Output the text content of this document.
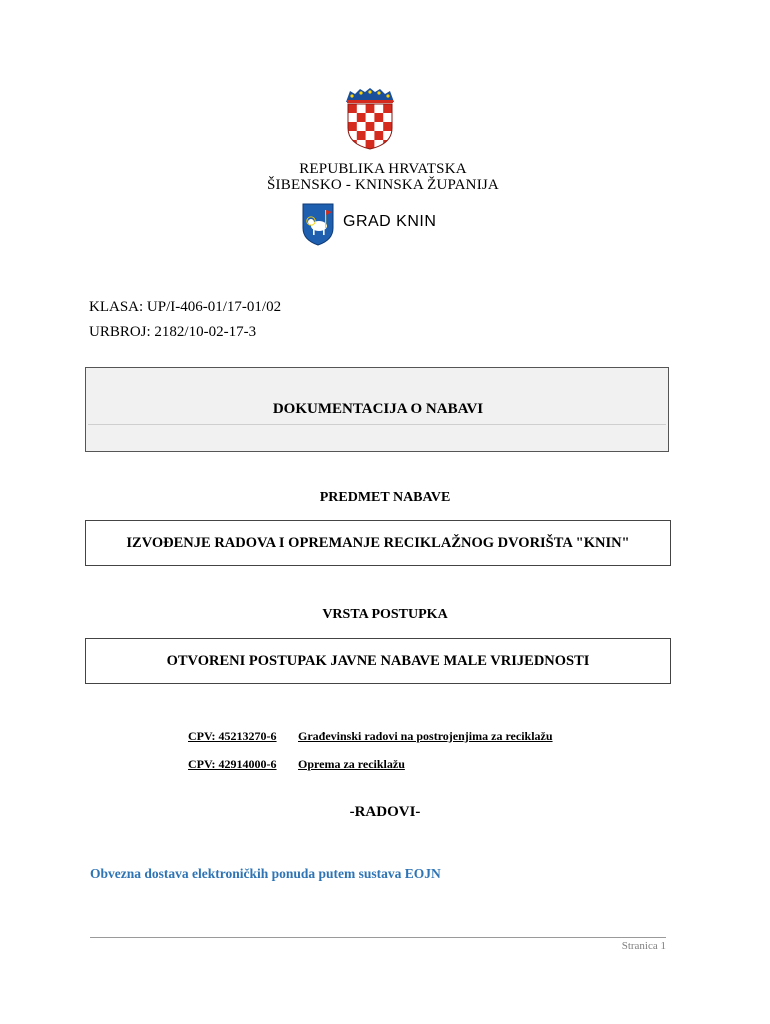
REPUBLIKA HRVATSKA
ŠIBENSKO - KNINSKA ŽUPANIJA
GRAD KNIN
KLASA: UP/I-406-01/17-01/02
URBROJ: 2182/10-02-17-3
DOKUMENTACIJA O NABAVI
PREDMET NABAVE
IZVOĐENJE RADOVA I OPREMANJE RECIKLAŽNOG DVORIŠTA "KNIN"
VRSTA POSTUPKA
OTVORENI POSTUPAK JAVNE NABAVE MALE VRIJEDNOSTI
CPV: 45213270-6 Građevinski radovi na postrojenjima za reciklažu
CPV: 42914000-6 Oprema za reciklažu
-RADOVI-
Obvezna dostava elektroničkih ponuda putem sustava EOJN
Stranica 1
